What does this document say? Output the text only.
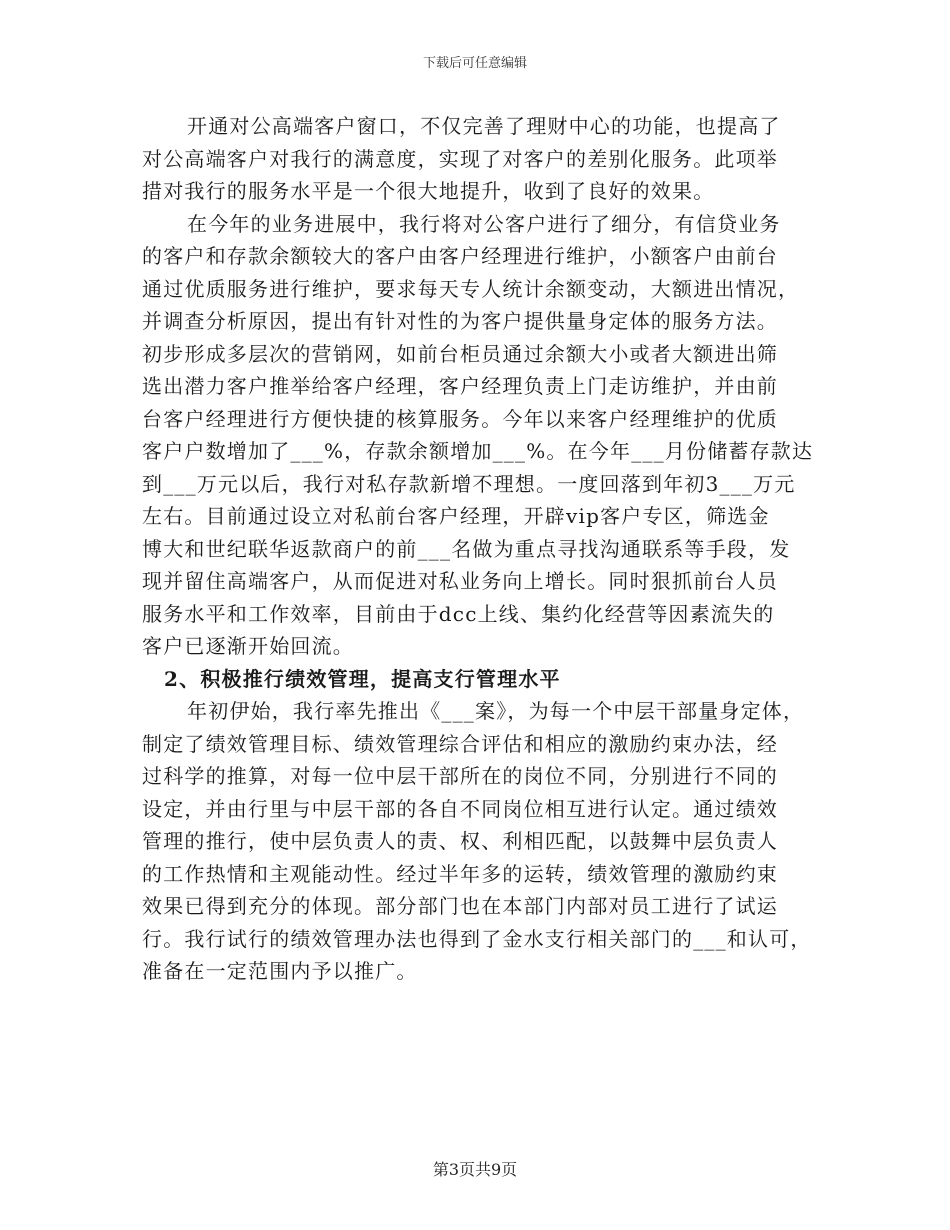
下载后可任意编辑
开通对公高端客户窗口，不仅完善了理财中心的功能，也提高了
对公高端客户对我行的满意度，实现了对客户的差别化服务。此项举
措对我行的服务水平是一个很大地提升，收到了良好的效果。
在今年的业务进展中，我行将对公客户进行了细分，有信贷业务
的客户和存款余额较大的客户由客户经理进行维护，小额客户由前台
通过优质服务进行维护，要求每天专人统计余额变动，大额进出情况，
并调查分析原因，提出有针对性的为客户提供量身定体的服务方法。
初步形成多层次的营销网，如前台柜员通过余额大小或者大额进出筛
选出潜力客户推举给客户经理，客户经理负责上门走访维护，并由前
台客户经理进行方便快捷的核算服务。今年以来客户经理维护的优质
客户户数增加了___%，存款余额增加___%。在今年___月份储蓄存款达
到___万元以后，我行对私存款新增不理想。一度回落到年初3___万元
左右。目前通过设立对私前台客户经理，开辟vip客户专区，筛选金
博大和世纪联华返款商户的前___名做为重点寻找沟通联系等手段，发
现并留住高端客户，从而促进对私业务向上增长。同时狠抓前台人员
服务水平和工作效率，目前由于dcc上线、集约化经营等因素流失的
客户已逐渐开始回流。
2、积极推行绩效管理，提高支行管理水平
年初伊始，我行率先推出《___案》，为每一个中层干部量身定体，
制定了绩效管理目标、绩效管理综合评估和相应的激励约束办法，经
过科学的推算，对每一位中层干部所在的岗位不同，分别进行不同的
设定，并由行里与中层干部的各自不同岗位相互进行认定。通过绩效
管理的推行，使中层负责人的责、权、利相匹配，以鼓舞中层负责人
的工作热情和主观能动性。经过半年多的运转，绩效管理的激励约束
效果已得到充分的体现。部分部门也在本部门内部对员工进行了试运
行。我行试行的绩效管理办法也得到了金水支行相关部门的___和认可，
准备在一定范围内予以推广。
第3页共9页
